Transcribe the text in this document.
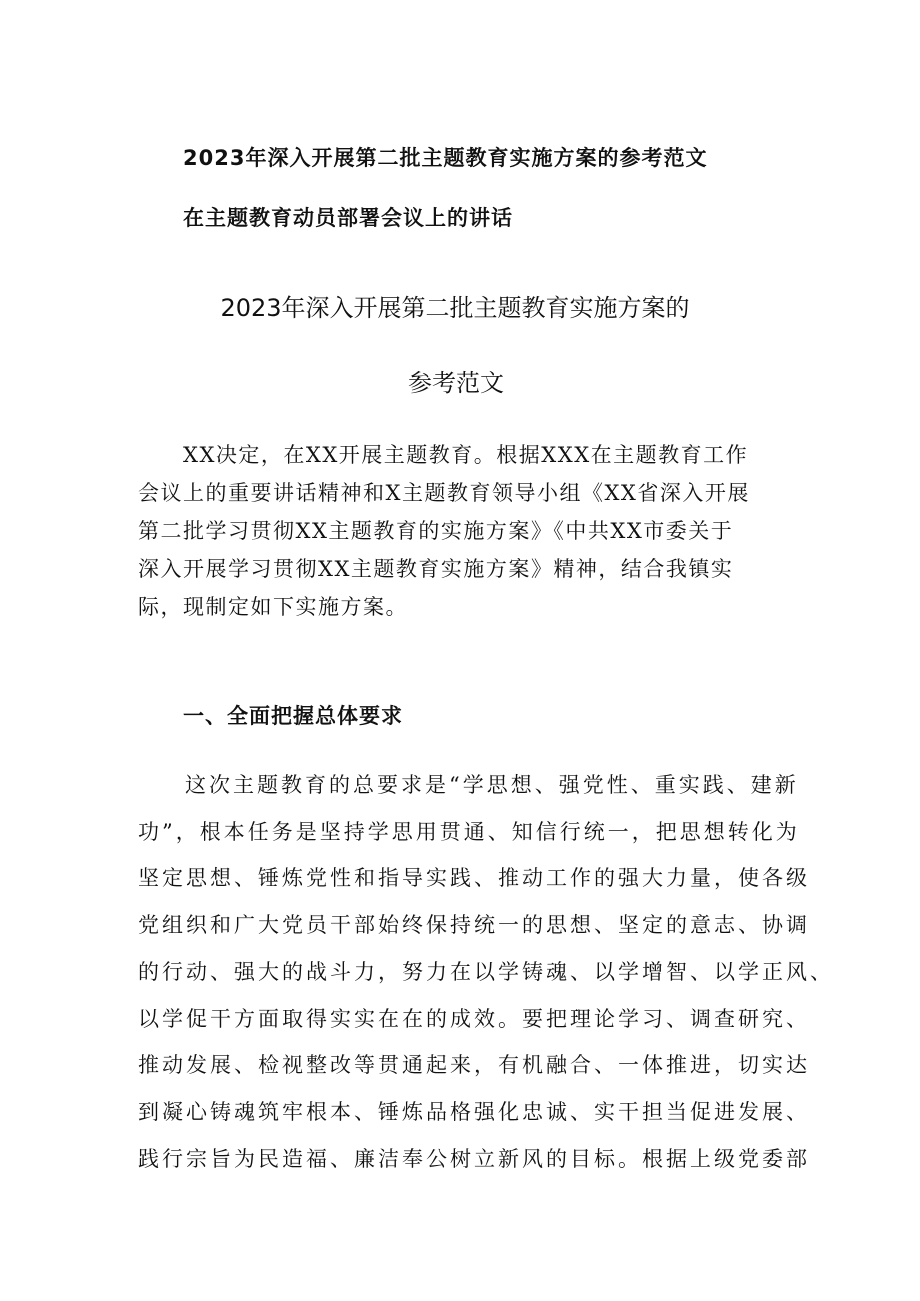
2023年深入开展第二批主题教育实施方案的参考范文
在主题教育动员部署会议上的讲话
2023年深入开展第二批主题教育实施方案的
参考范文
XX决定，在XX开展主题教育。根据XXX在主题教育工作
会议上的重要讲话精神和X主题教育领导小组《XX省深入开展
第二批学习贯彻XX主题教育的实施方案》《中共XX市委关于
深入开展学习贯彻XX主题教育实施方案》精神，结合我镇实
际，现制定如下实施方案。
一、全面把握总体要求
这次主题教育的总要求是“学思想、强党性、重实践、建新
功”，根本任务是坚持学思用贯通、知信行统一，把思想转化为
坚定思想、锤炼党性和指导实践、推动工作的强大力量，使各级
党组织和广大党员干部始终保持统一的思想、坚定的意志、协调
的行动、强大的战斗力，努力在以学铸魂、以学增智、以学正风、
以学促干方面取得实实在在的成效。要把理论学习、调查研究、
推动发展、检视整改等贯通起来，有机融合、一体推进，切实达
到凝心铸魂筑牢根本、锤炼品格强化忠诚、实干担当促进发展、
践行宗旨为民造福、廉洁奉公树立新风的目标。根据上级党委部
